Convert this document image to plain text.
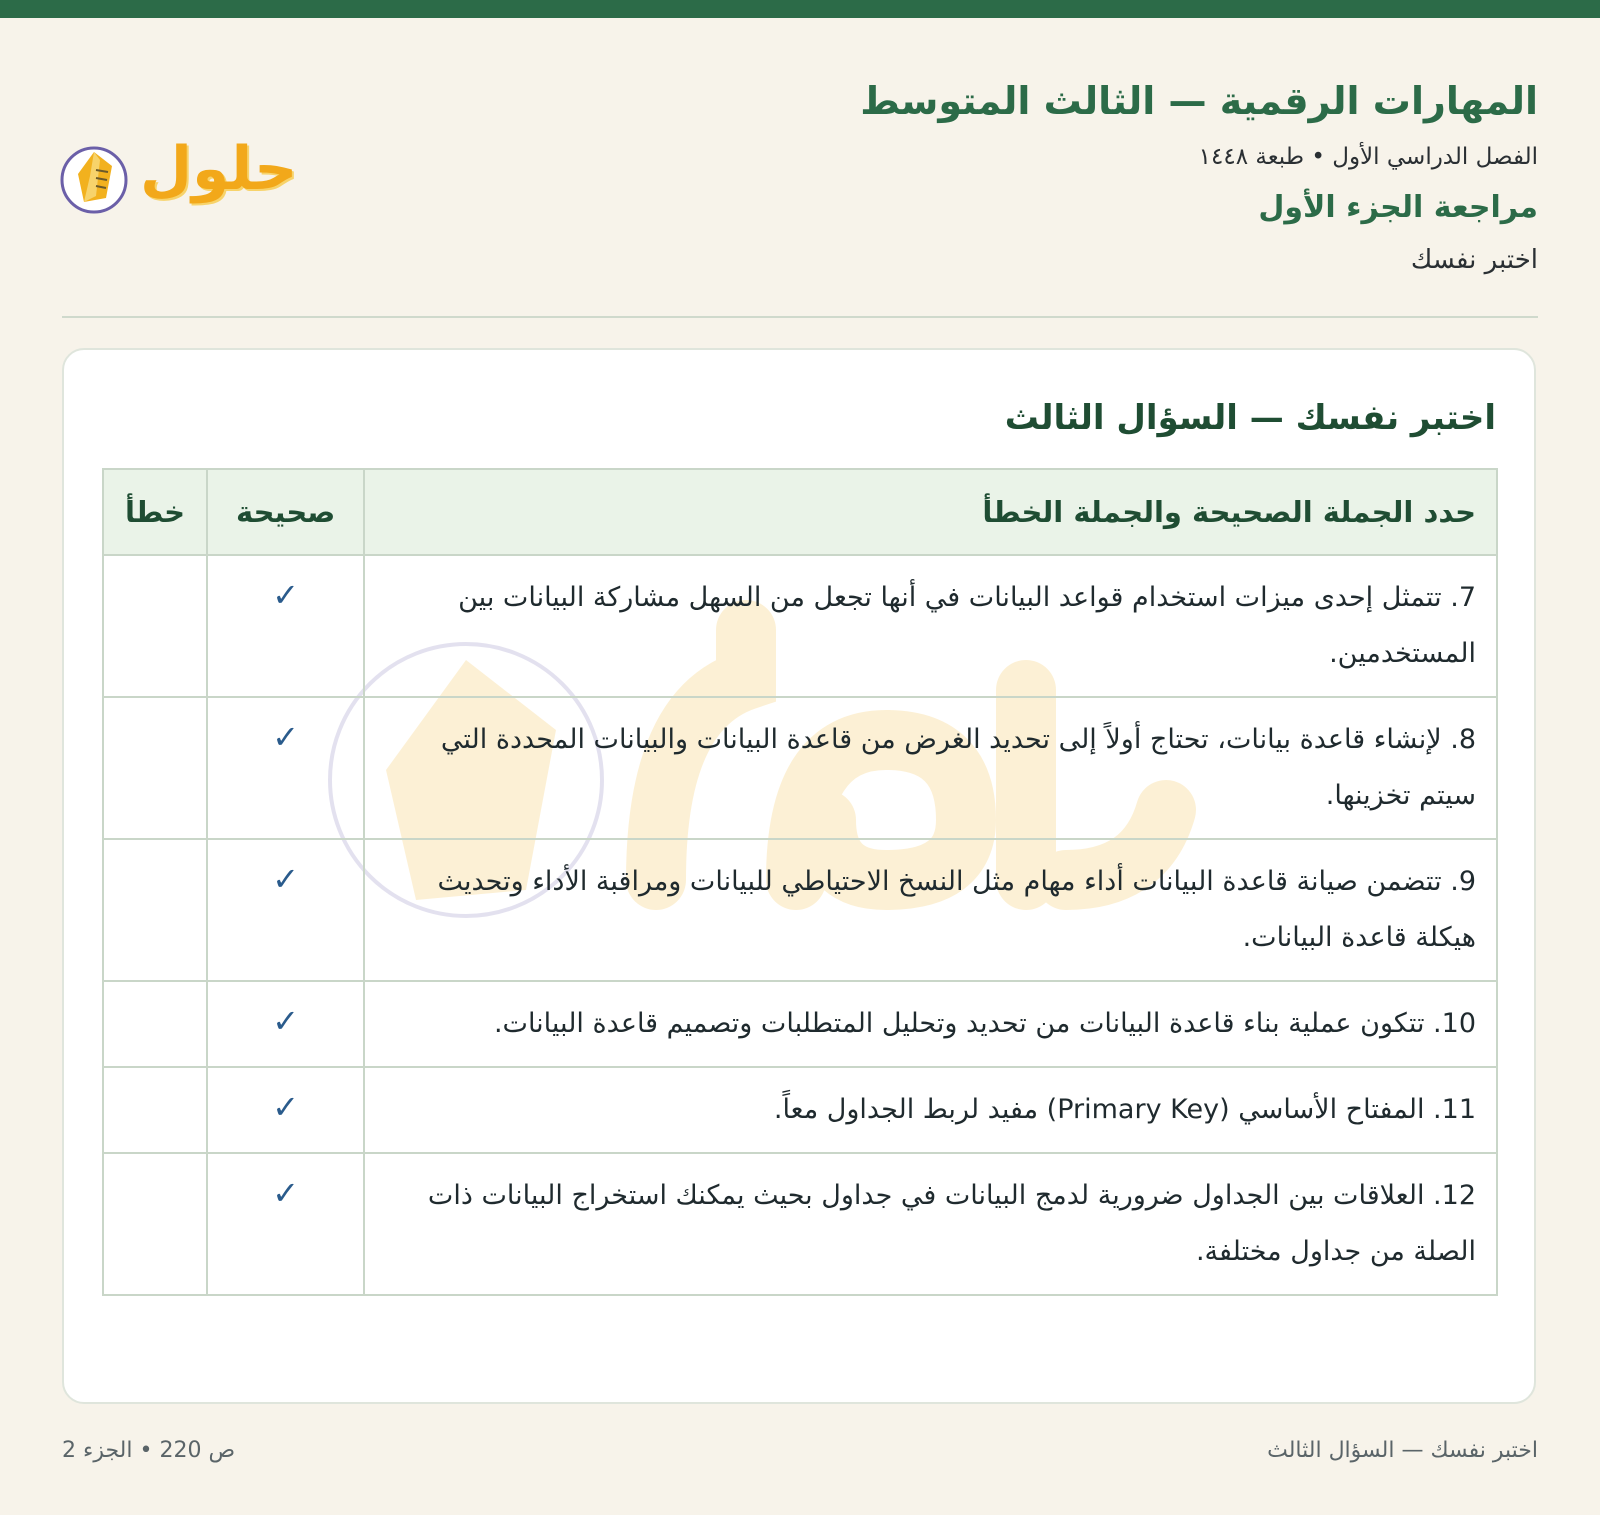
المهارات الرقمية — الثالث المتوسط
الفصل الدراسي الأول • طبعة ١٤٤٨
مراجعة الجزء الأول
اختبر نفسك
حلول
اختبر نفسك — السؤال الثالث
حدد الجملة الصحيحة والجملة الخطأ	صحيحة	خطأ
7. تتمثل إحدى ميزات استخدام قواعد البيانات في أنها تجعل من السهل مشاركة البيانات بين المستخدمين.	✓	
8. لإنشاء قاعدة بيانات، تحتاج أولاً إلى تحديد الغرض من قاعدة البيانات والبيانات المحددة التي سيتم تخزينها.	✓	
9. تتضمن صيانة قاعدة البيانات أداء مهام مثل النسخ الاحتياطي للبيانات ومراقبة الأداء وتحديث هيكلة قاعدة البيانات.	✓	
10. تتكون عملية بناء قاعدة البيانات من تحديد وتحليل المتطلبات وتصميم قاعدة البيانات.	✓	
11. المفتاح الأساسي (Primary Key) مفيد لربط الجداول معاً.	✓	
12. العلاقات بين الجداول ضرورية لدمج البيانات في جداول بحيث يمكنك استخراج البيانات ذات الصلة من جداول مختلفة.	✓	
اختبر نفسك — السؤال الثالث
ص 220 • الجزء 2
